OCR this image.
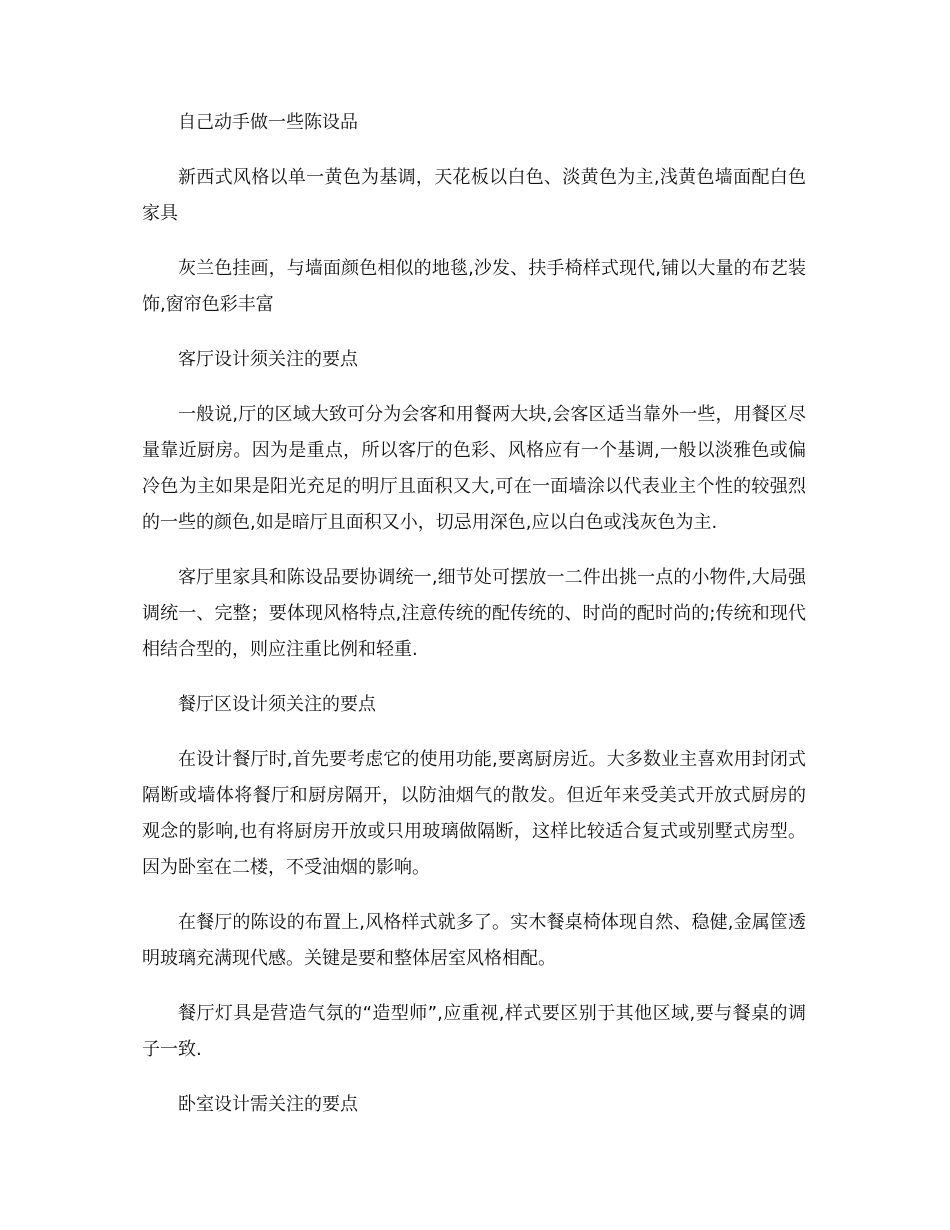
自己动手做一些陈设品

新西式风格以单一黄色为基调，天花板以白色、淡黄色为主,浅黄色墙面配白色家具

灰兰色挂画，与墙面颜色相似的地毯,沙发、扶手椅样式现代,铺以大量的布艺装饰,窗帘色彩丰富

客厅设计须关注的要点

一般说,厅的区域大致可分为会客和用餐两大块,会客区适当靠外一些，用餐区尽量靠近厨房。因为是重点，所以客厅的色彩、风格应有一个基调,一般以淡雅色或偏冷色为主如果是阳光充足的明厅且面积又大,可在一面墙涂以代表业主个性的较强烈的一些的颜色,如是暗厅且面积又小，切忌用深色,应以白色或浅灰色为主.

客厅里家具和陈设品要协调统一,细节处可摆放一二件出挑一点的小物件,大局强调统一、完整；要体现风格特点,注意传统的配传统的、时尚的配时尚的;传统和现代相结合型的，则应注重比例和轻重.

餐厅区设计须关注的要点

在设计餐厅时,首先要考虑它的使用功能,要离厨房近。大多数业主喜欢用封闭式隔断或墙体将餐厅和厨房隔开，以防油烟气的散发。但近年来受美式开放式厨房的观念的影响,也有将厨房开放或只用玻璃做隔断，这样比较适合复式或别墅式房型。因为卧室在二楼，不受油烟的影响。

在餐厅的陈设的布置上,风格样式就多了。实木餐桌椅体现自然、稳健,金属筐透明玻璃充满现代感。关键是要和整体居室风格相配。

餐厅灯具是营造气氛的“造型师”,应重视,样式要区别于其他区域,要与餐桌的调子一致.

卧室设计需关注的要点
